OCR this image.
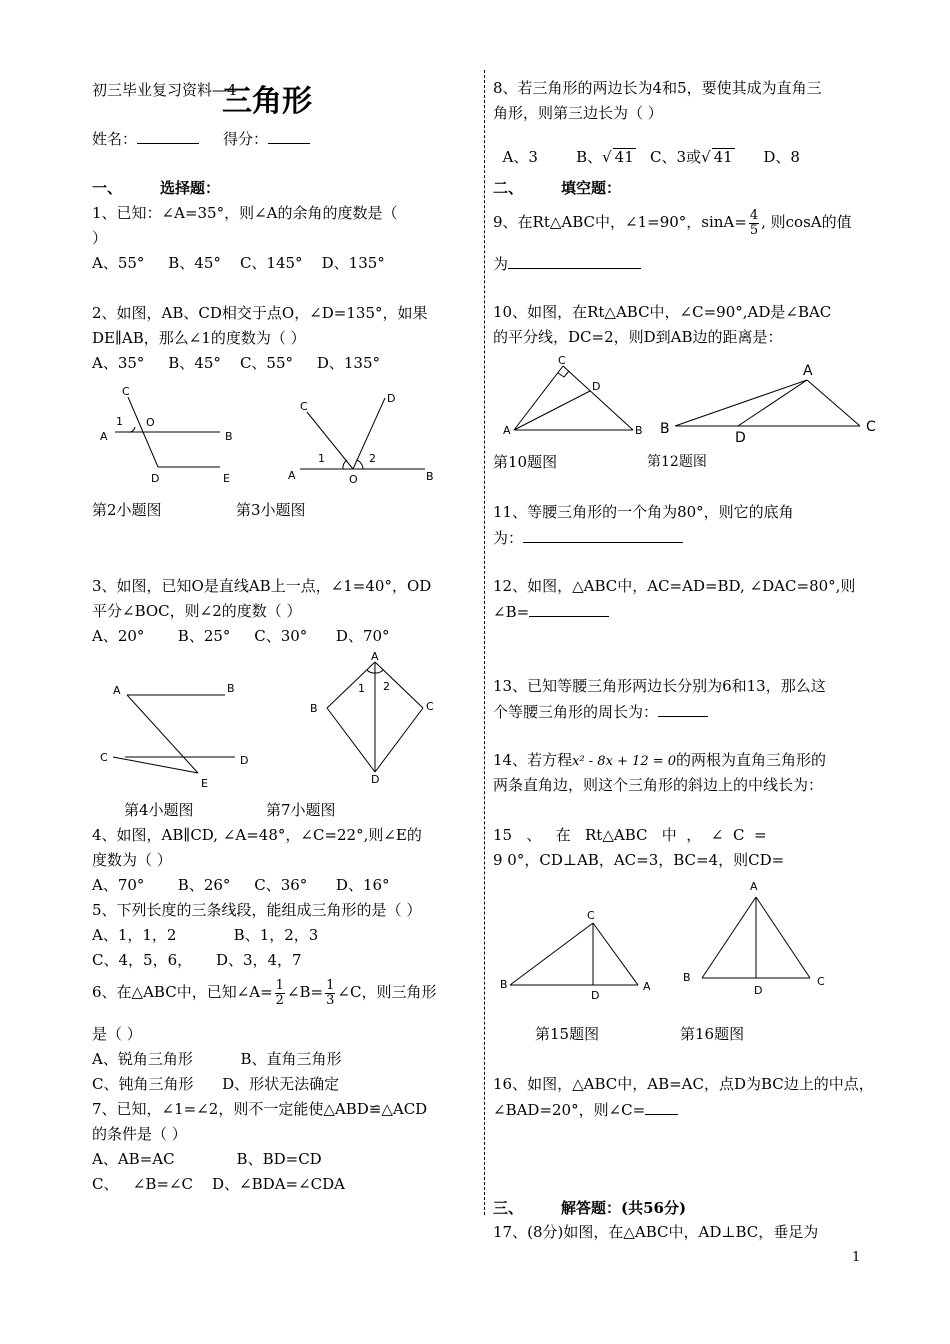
初三毕业复习资料—4
三角形
姓名：	得分：
一、	选择题：
1、已知：∠A=35°，则∠A的余角的度数是（
）
A、55°     B、45°    C、145°    D、135°
2、如图，AB、CD相交于点O，∠D=135°，如果
DE∥AB，那么∠1的度数为（ ）
A、35°     B、45°    C、55°     D、135°
C
1 O
A	B
D	E
第2小题图
C
D
1	2
A	O	B
第3小题图
3、如图，已知O是直线AB上一点，∠1=40°，OD
平分∠BOC，则∠2的度数（ ）
A、20°       B、25°     C、30°      D、70°
A	B
C	D
E
第4小题图
A
1 2
B	C
D
第7小题图
4、如图，AB∥CD, ∠A=48°，∠C=22°,则∠E的
度数为（ ）
A、70°       B、26°     C、36°      D、16°
5、下列长度的三条线段，能组成三角形的是（ ）
A、1，1，2            B、1，2，3
C、4，5，6，     D、3，4，7
6、在△ABC中，已知∠A= $\frac{1}{2}$ ∠B= $\frac{1}{3}$ ∠C，则三角形
是（ ）
A、锐角三角形          B、直角三角形
C、钝角三角形      D、形状无法确定
7、已知，∠1=∠2，则不一定能使△ABD≌△ACD
的条件是（ ）
A、AB=AC             B、BD=CD
C、   ∠B=∠C    D、∠BDA=∠CDA
8、若三角形的两边长为4和5，要使其成为直角三
角形，则第三边长为（ ）

A、3        B、√ 41   C、3或√ 41      D、8

二、	填空题：
9、在Rt△ABC中，∠1=90°，$\sin A= \frac{4}{5}$ , 则cosA的值
为
10、如图，在Rt△ABC中，∠C=90°,AD是∠BAC
的平分线，DC=2，则D到AB边的距离是：
C
D
A	B
第10题图
A
B
D
C
第12题图
11、等腰三角形的一个角为80°，则它的底角
为：
12、如图，△ABC中，AC=AD=BD, ∠DAC=80°,则
∠B=
13、已知等腰三角形两边长分别为6和13，那么这
个等腰三角形的周长为：
14、若方程x² - 8x + 12 = 0的两根为直角三角形的
两条直角边，则这个三角形的斜边上的中线长为：
15   、   在   Rt△ABC   中  ，  ∠  C  =
9 0°，CD⊥AB，AC=3，BC=4，则CD=
C
B
D
A
第15题图
A
B
D
C
第16题图
16、如图，△ABC中，AB=AC，点D为BC边上的中点，
∠BAD=20°，则∠C=
三、	解答题：(共56分)
17、(8分)如图，在△ABC中，AD⊥BC，垂足为
1
